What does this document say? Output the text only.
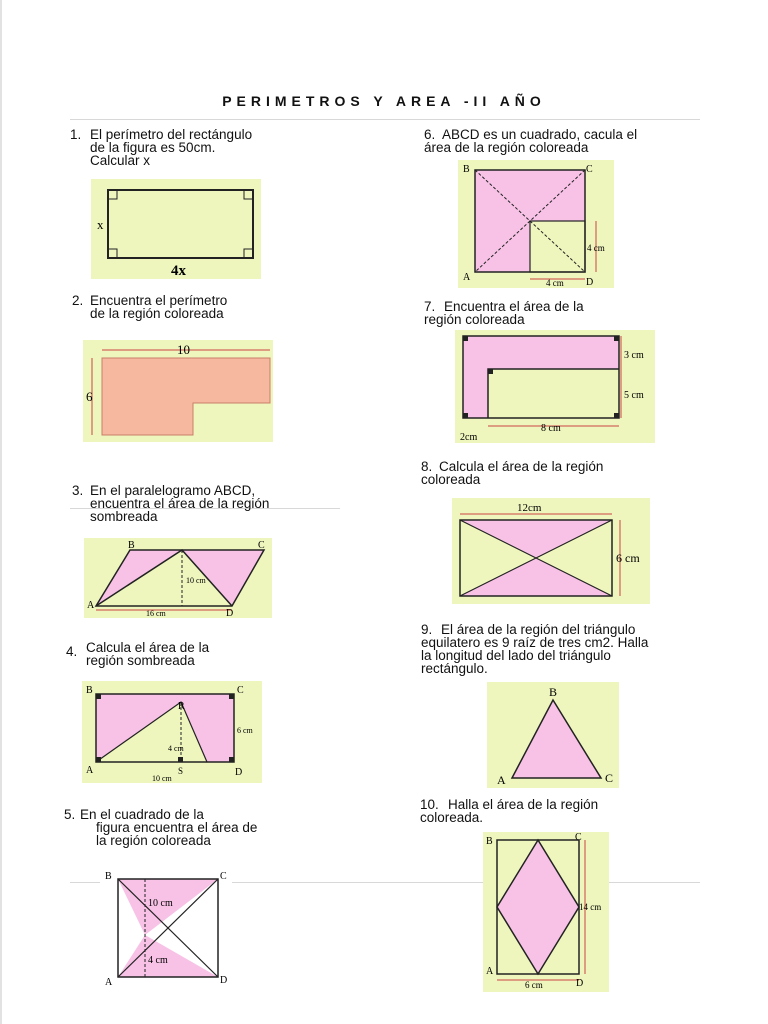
PERIMETROS Y AREA -II AÑO
1. El perímetro del rectángulo
de la figura es 50cm.
Calcular x
2. Encuentra el perímetro
de la región coloreada
3. En el paralelogramo ABCD,
encuentra el área de la región
sombreada
4. Calcula el área de la
región sombreada
5. En el cuadrado de la
figura encuentra el área de
la región coloreada
6. ABCD es un cuadrado, cacula el
área de la región coloreada
7. Encuentra el área de la
región coloreada
8. Calcula el área de la región
coloreada
9. El área de la región del triángulo
equilatero es 9 raíz de tres cm2. Halla
la longitud del lado del triángulo
rectángulo.
10. Halla el área de la región
coloreada.
x
4x
10
6
A
B	C
D
10 cm
16 cm
B	C
A	D
R
S
4 cm
6 cm
10 cm
B	C
A	D
10 cm
4 cm
B	C
A	D
4 cm
4 cm
3 cm
5 cm
8 cm
2cm
12cm
6 cm
B
A	C
B	C
A
D
14 cm
6 cm
